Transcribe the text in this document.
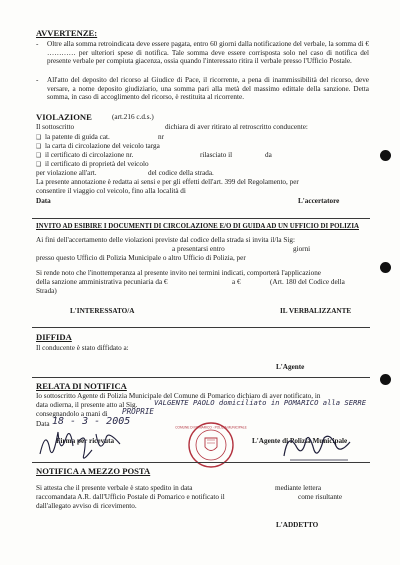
AVVERTENZE:
- Oltre alla somma retroindicata deve essere pagata, entro 60 giorni dalla notificazione del verbale, la somma di € ………… per ulteriori spese di notifica. Tale somma deve essere corrisposta solo nel caso di notifica del presente verbale per compiuta giacenza, ossia quando l'interessato ritira il verbale presso l'Ufficio Postale.
- All'atto del deposito del ricorso al Giudice di Pace, il ricorrente, a pena di inammissibilità del ricorso, deve versare, a nome deposito giudiziario, una somma pari alla metà del massimo edittale della sanzione. Detta somma, in caso di accoglimento del ricorso, è restituita al ricorrente.
VIOLAZIONE	(art.216 c.d.s.)
Il sottoscritto	dichiara di aver ritirato al retroscritto conducente:
❑ la patente di guida cat.	nr
❑ la carta di circolazione del veicolo targa
❑ il certificato di circolazione nr.	rilasciato il	da
❑ il certificato di proprietà del veicolo
per violazione all'art.	del codice della strada.
La presente annotazione è redatta ai sensi e per gli effetti dell'art. 399 del Regolamento, per
consentire il viaggio col veicolo, fino alla località di
Data	L'accertatore
INVITO AD ESIBIRE I DOCUMENTI DI CIRCOLAZIONE E/O DI GUIDA AD UN UFFICIO DI POLIZIA
Ai fini dell'accertamento delle violazioni previste dal codice della strada si invita il/la Sig:
a presentarsi entro	giorni
presso questo Ufficio di Polizia Municipale o altro Ufficio di Polizia, per
Si rende noto che l'inottemperanza al presente invito nei termini indicati, comporterà l'applicazione
della sanzione amministrativa pecuniaria da €	a €	(Art. 180 del Codice della
Strada)
L'INTERESSATO/A	IL VERBALIZZANTE
DIFFIDA
Il conducente è stato diffidato a:
L'Agente
RELATA DI NOTIFICA
Io sottoscritto Agente di Polizia Municipale del Comune di Pomarico dichiaro di aver notificato, in
data odierna, il presente atto al Sig. VALGENTE PAOLO domiciliato in POMARICO alla SERRE
consegnandolo a mani di PROPRIE
Data 18 - 3 - 2005
COMUNE DI POMARICO · POLIZIA MUNICIPALE
Firma per ricevuta	L'Agente di Polizia Municipale
NOTIFICA A MEZZO POSTA
Si attesta che il presente verbale è stato spedito in data	mediante lettera
raccomandata A.R. dall'Ufficio Postale di Pomarico e notificato il	come risultante
dall'allegato avviso di ricevimento.
L'ADDETTO
